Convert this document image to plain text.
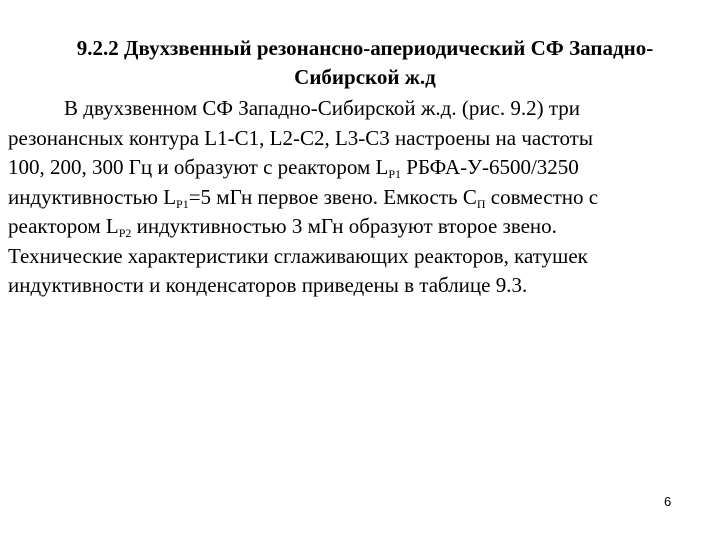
9.2.2 Двухзвенный резонансно-апериодический СФ Западно-
Сибирской ж.д
В двухзвенном СФ Западно-Сибирской ж.д. (рис. 9.2) три
резонансных контура L1-C1, L2-C2, L3-C3 настроены на частоты
100, 200, 300 Гц и образуют с реактором $L_{P1}$ РБФА-У-6500/3250
индуктивностью $L_{P1}=5$ мГн первое звено. Емкость $С_П$ совместно с
реактором $L_{P2}$ индуктивностью 3 мГн образуют второе звено.
Технические характеристики сглаживающих реакторов, катушек
индуктивности и конденсаторов приведены в таблице 9.3.
6
